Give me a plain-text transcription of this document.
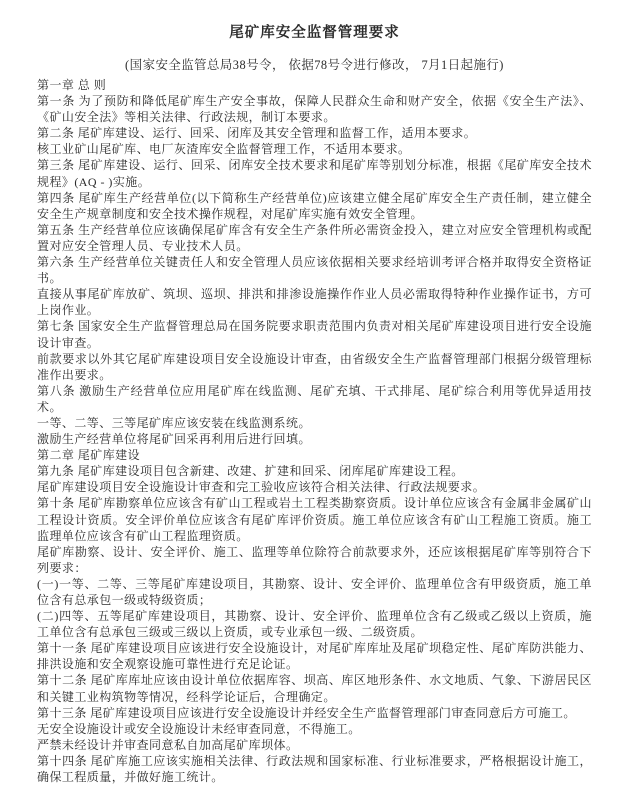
尾矿库安全监督管理要求

(国家安全监管总局38号令， 依据78号令进行修改， 7月1日起施行)

第一章 总 则

第一条 为了预防和降低尾矿库生产安全事故，保障人民群众生命和财产安全，依据《安全生产法》、《矿山安全法》等相关法律、行政法规，制订本要求。

第二条 尾矿库建设、运行、回采、闭库及其安全管理和监督工作，适用本要求。

核工业矿山尾矿库、电厂灰渣库安全监督管理工作，不适用本要求。

第三条 尾矿库建设、运行、回采、闭库安全技术要求和尾矿库等别划分标准，根据《尾矿库安全技术规程》(AQ - )实施。

第四条 尾矿库生产经营单位(以下简称生产经营单位)应该建立健全尾矿库安全生产责任制，建立健全安全生产规章制度和安全技术操作规程，对尾矿库实施有效安全管理。

第五条 生产经营单位应该确保尾矿库含有安全生产条件所必需资金投入，建立对应安全管理机构或配置对应安全管理人员、专业技术人员。

第六条 生产经营单位关键责任人和安全管理人员应该依据相关要求经培训考评合格并取得安全资格证书。

直接从事尾矿库放矿、筑坝、巡坝、排洪和排渗设施操作作业人员必需取得特种作业操作证书，方可上岗作业。

第七条 国家安全生产监督管理总局在国务院要求职责范围内负责对相关尾矿库建设项目进行安全设施设计审查。

前款要求以外其它尾矿库建设项目安全设施设计审查，由省级安全生产监督管理部门根据分级管理标准作出要求。

第八条 激励生产经营单位应用尾矿库在线监测、尾矿充填、干式排尾、尾矿综合利用等优异适用技术。

一等、二等、三等尾矿库应该安装在线监测系统。

激励生产经营单位将尾矿回采再利用后进行回填。

第二章 尾矿库建设

第九条 尾矿库建设项目包含新建、改建、扩建和回采、闭库尾矿库建设工程。

尾矿库建设项目安全设施设计审查和完工验收应该符合相关法律、行政法规要求。

第十条 尾矿库勘察单位应该含有矿山工程或岩土工程类勘察资质。设计单位应该含有金属非金属矿山工程设计资质。安全评价单位应该含有尾矿库评价资质。施工单位应该含有矿山工程施工资质。施工监理单位应该含有矿山工程监理资质。

尾矿库勘察、设计、安全评价、施工、监理等单位除符合前款要求外，还应该根据尾矿库等别符合下列要求：

(一)一等、二等、三等尾矿库建设项目，其勘察、设计、安全评价、监理单位含有甲级资质，施工单位含有总承包一级或特级资质；

(二)四等、五等尾矿库建设项目，其勘察、设计、安全评价、监理单位含有乙级或乙级以上资质，施工单位含有总承包三级或三级以上资质，或专业承包一级、二级资质。

第十一条 尾矿库建设项目应该进行安全设施设计，对尾矿库库址及尾矿坝稳定性、尾矿库防洪能力、排洪设施和安全观察设施可靠性进行充足论证。

第十二条 尾矿库库址应该由设计单位依据库容、坝高、库区地形条件、水文地质、气象、下游居民区和关键工业构筑物等情况，经科学论证后，合理确定。

第十三条 尾矿库建设项目应该进行安全设施设计并经安全生产监督管理部门审查同意后方可施工。

无安全设施设计或安全设施设计未经审查同意，不得施工。

严禁未经设计并审查同意私自加高尾矿库坝体。

第十四条 尾矿库施工应该实施相关法律、行政法规和国家标准、行业标准要求，严格根据设计施工，确保工程质量，并做好施工统计。
